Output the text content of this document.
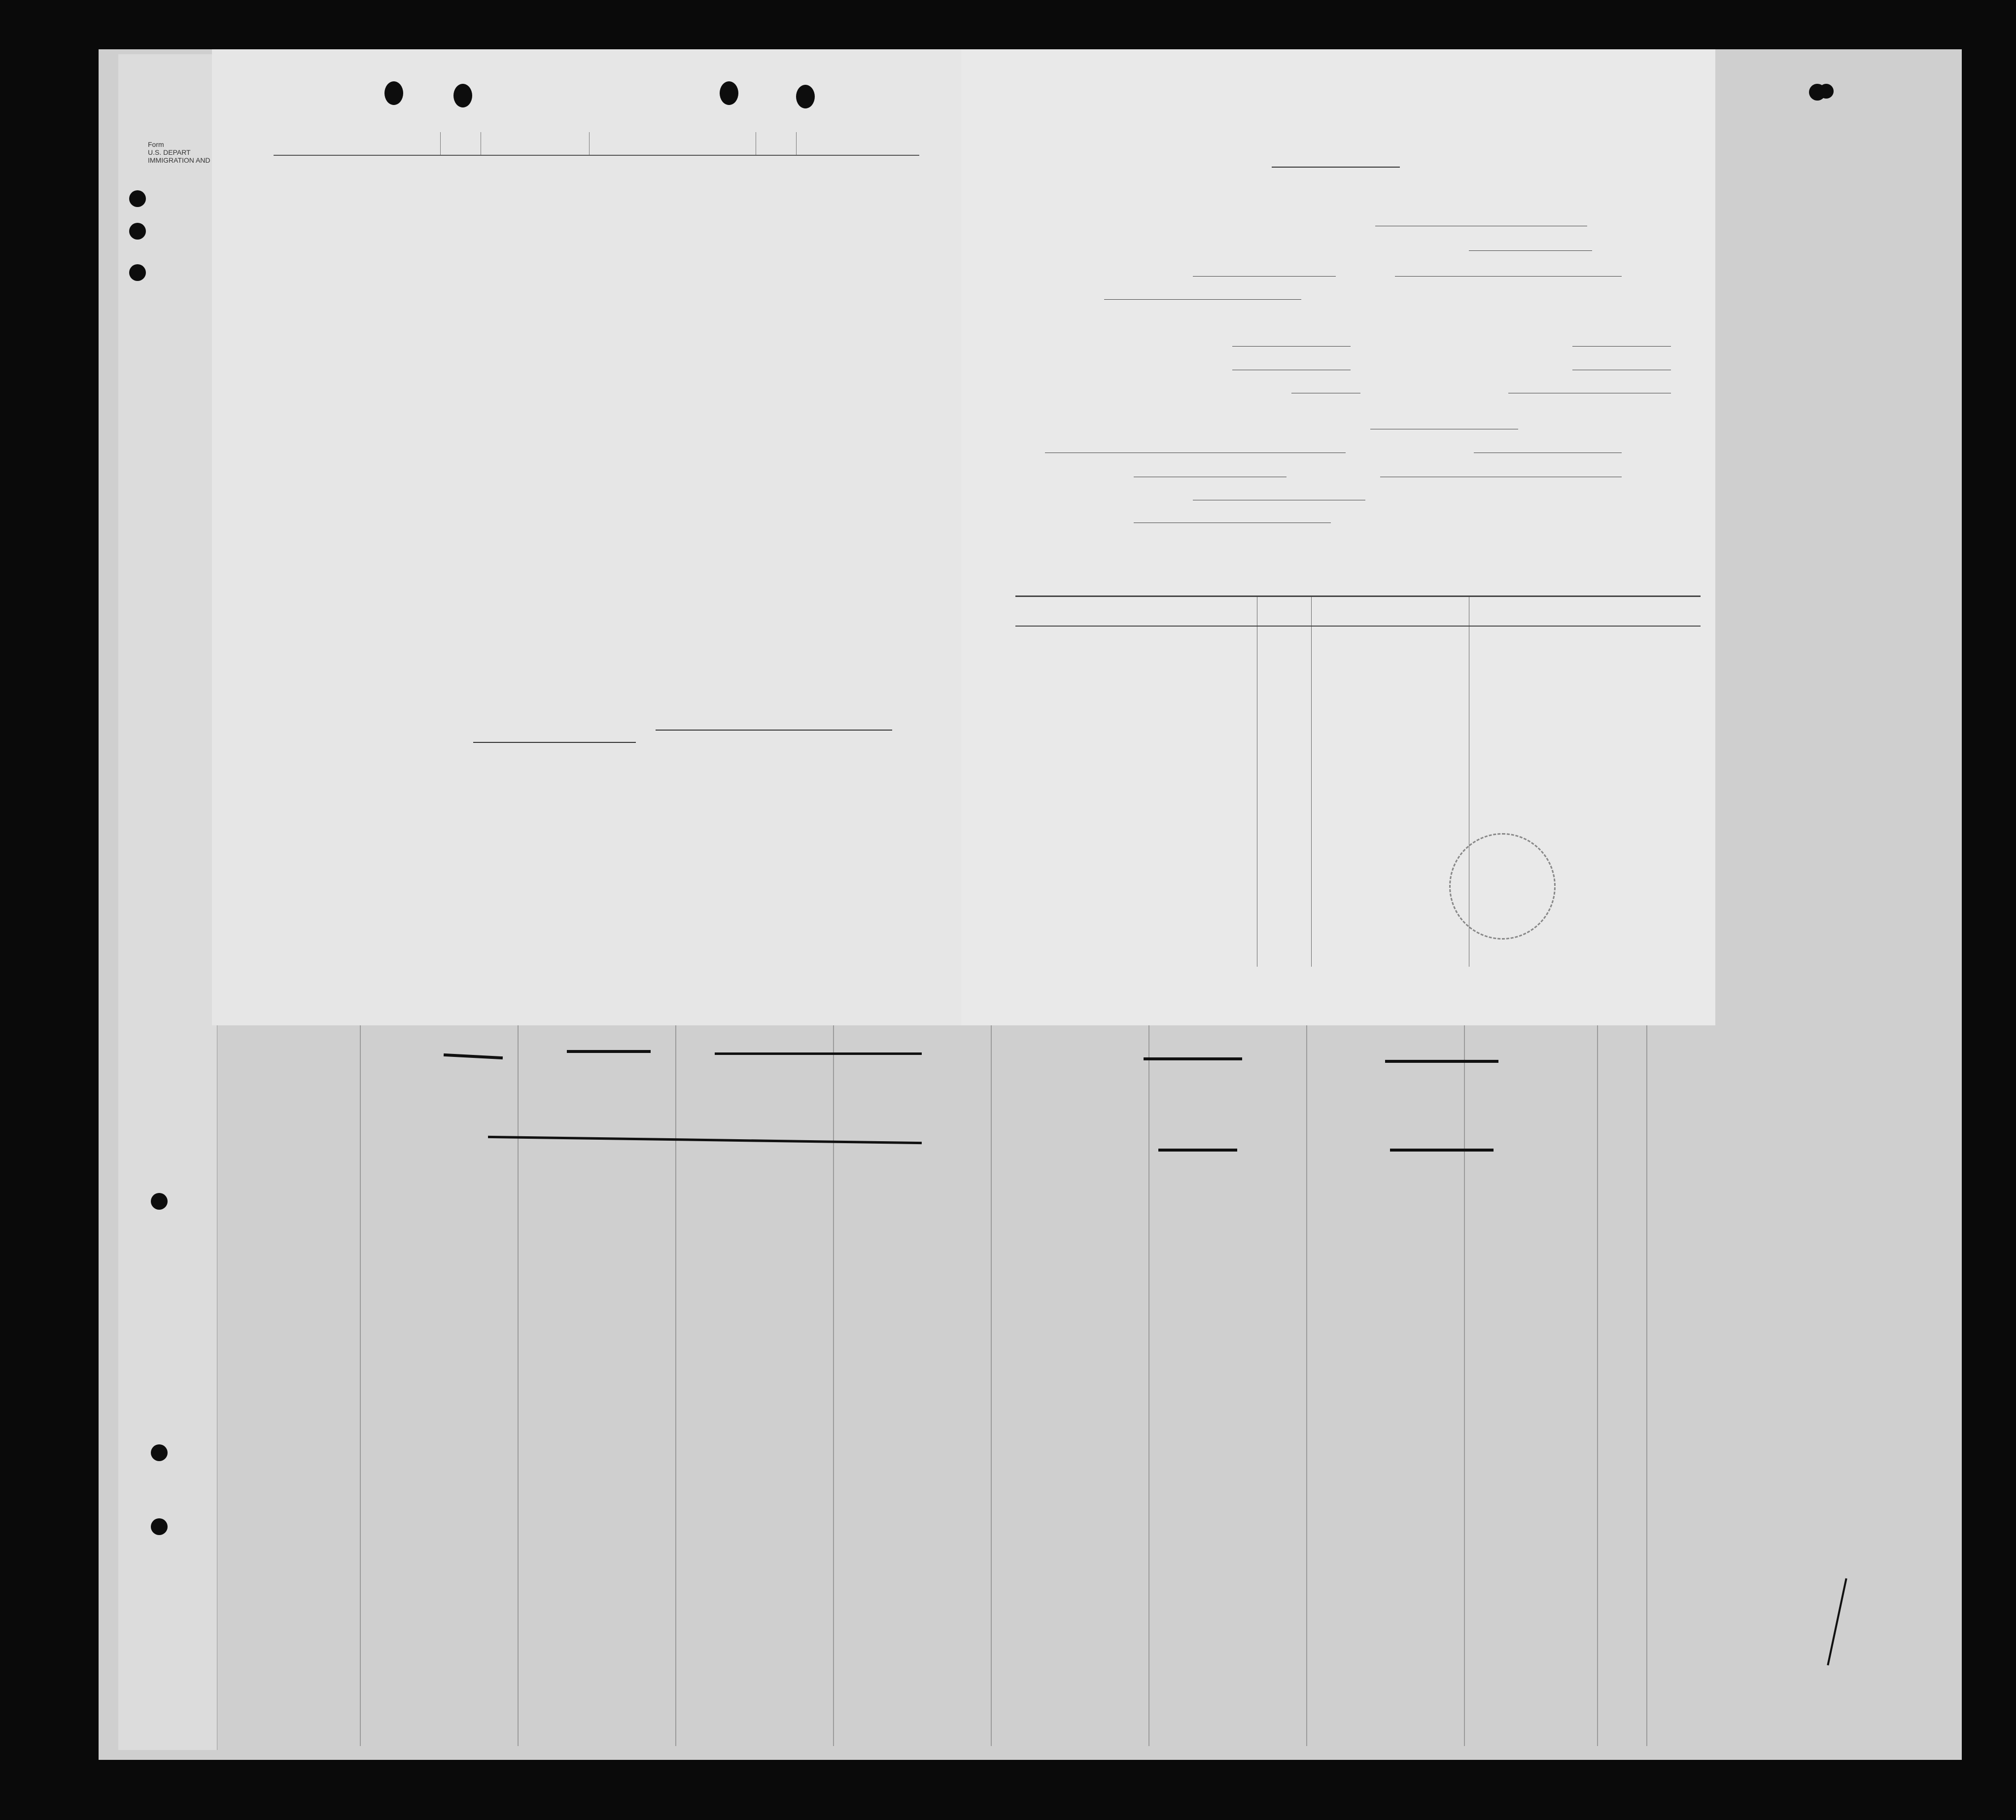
Form
U.S. DEPART
IMMIGRATION AND
